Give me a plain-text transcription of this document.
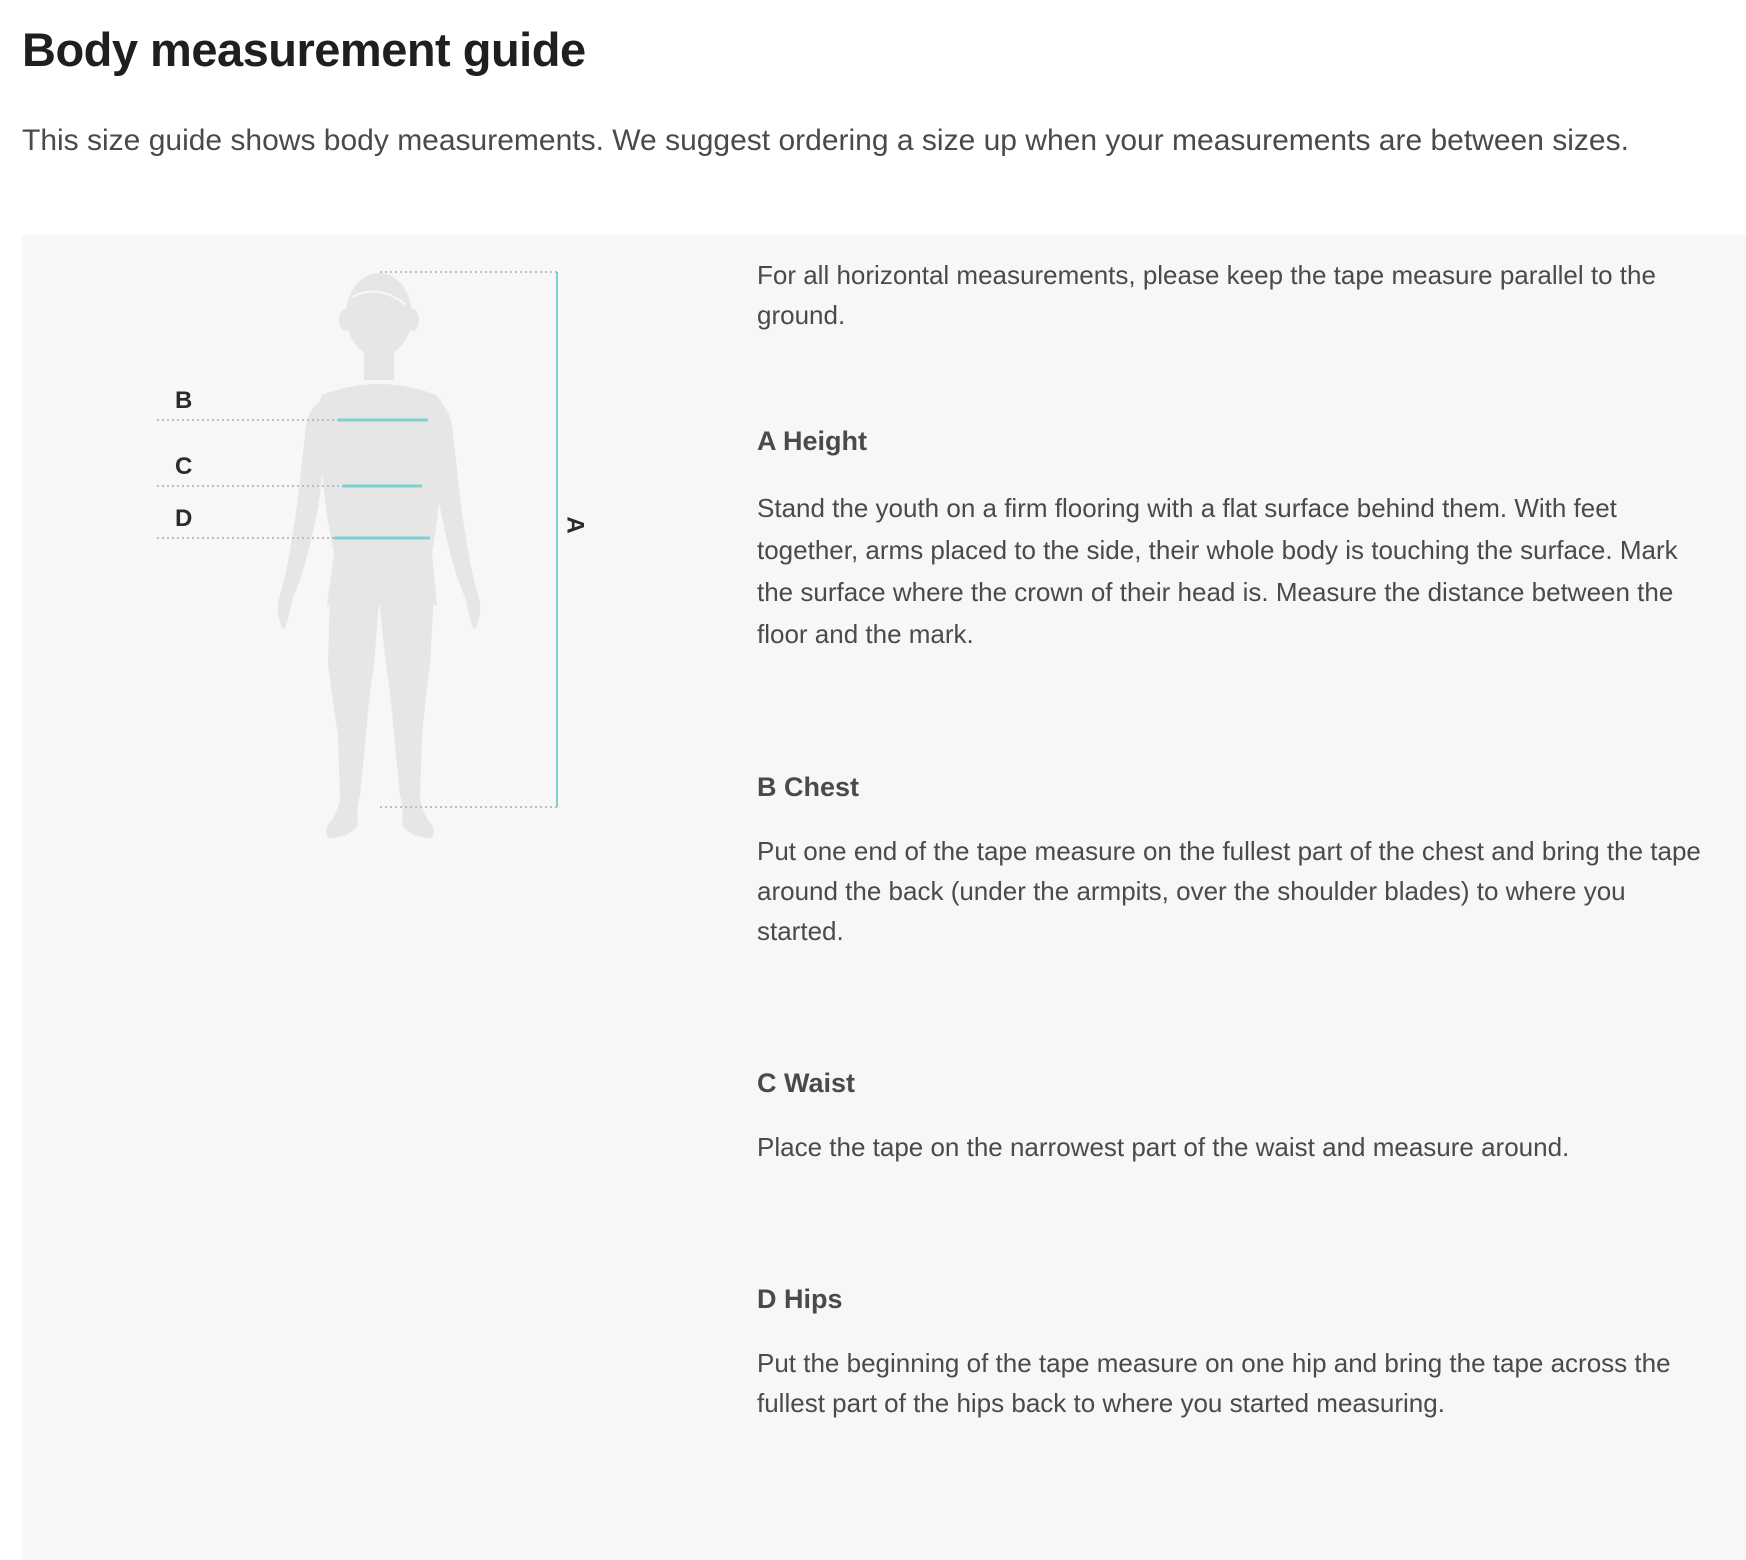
Body measurement guide

This size guide shows body measurements. We suggest ordering a size up when your measurements are between sizes.

B
C
D	A

For all horizontal measurements, please keep the tape measure parallel to the ground.

A Height

Stand the youth on a firm flooring with a flat surface behind them. With feet together, arms placed to the side, their whole body is touching the surface. Mark the surface where the crown of their head is. Measure the distance between the floor and the mark.

B Chest

Put one end of the tape measure on the fullest part of the chest and bring the tape around the back (under the armpits, over the shoulder blades) to where you started.

C Waist

Place the tape on the narrowest part of the waist and measure around.

D Hips

Put the beginning of the tape measure on one hip and bring the tape across the fullest part of the hips back to where you started measuring.
